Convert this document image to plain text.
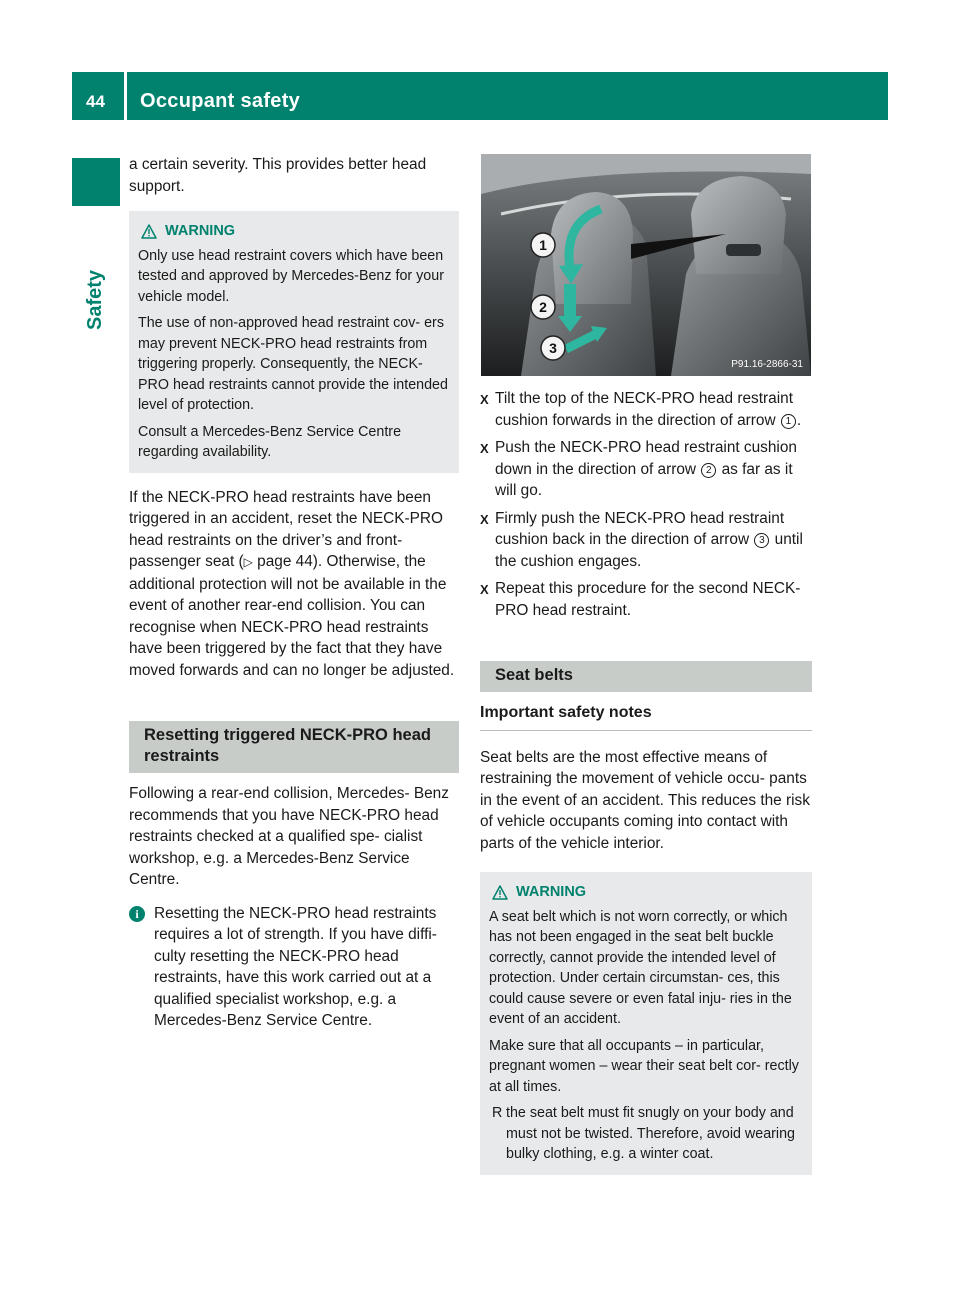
44 Occupant safety
Safety

a certain severity. This provides better head support.

WARNING

Only use head restraint covers which have been tested and approved by Mercedes-Benz for your vehicle model.

The use of non-approved head restraint cov- ers may prevent NECK-PRO head restraints from triggering properly. Consequently, the NECK-PRO head restraints cannot provide the intended level of protection.

Consult a Mercedes-Benz Service Centre regarding availability.

If the NECK-PRO head restraints have been triggered in an accident, reset the NECK-PRO head restraints on the driver’s and front- passenger seat (▷ page 44). Otherwise, the additional protection will not be available in the event of another rear-end collision. You can recognise when NECK-PRO head restraints have been triggered by the fact that they have moved forwards and can no longer be adjusted.

Resetting triggered NECK-PRO head restraints

Following a rear-end collision, Mercedes- Benz recommends that you have NECK-PRO head restraints checked at a qualified spe- cialist workshop, e.g. a Mercedes-Benz Service Centre.

i Resetting the NECK-PRO head restraints requires a lot of strength. If you have diffi- culty resetting the NECK-PRO head restraints, have this work carried out at a qualified specialist workshop, e.g. a Mercedes-Benz Service Centre.

1
2
3
P91.16-2866-31
X Tilt the top of the NECK-PRO head restraint cushion forwards in the direction of arrow 1 .
X Push the NECK-PRO head restraint cushion down in the direction of arrow 2 as far as it will go.
X Firmly push the NECK-PRO head restraint cushion back in the direction of arrow 3 until the cushion engages.
X Repeat this procedure for the second NECK-PRO head restraint.
Seat belts
Important safety notes

Seat belts are the most effective means of restraining the movement of vehicle occu- pants in the event of an accident. This reduces the risk of vehicle occupants coming into contact with parts of the vehicle interior.

WARNING

A seat belt which is not worn correctly, or which has not been engaged in the seat belt buckle correctly, cannot provide the intended level of protection. Under certain circumstan- ces, this could cause severe or even fatal inju- ries in the event of an accident.

Make sure that all occupants – in particular, pregnant women – wear their seat belt cor- rectly at all times.

R the seat belt must fit snugly on your body and must not be twisted. Therefore, avoid wearing bulky clothing, e.g. a winter coat.
